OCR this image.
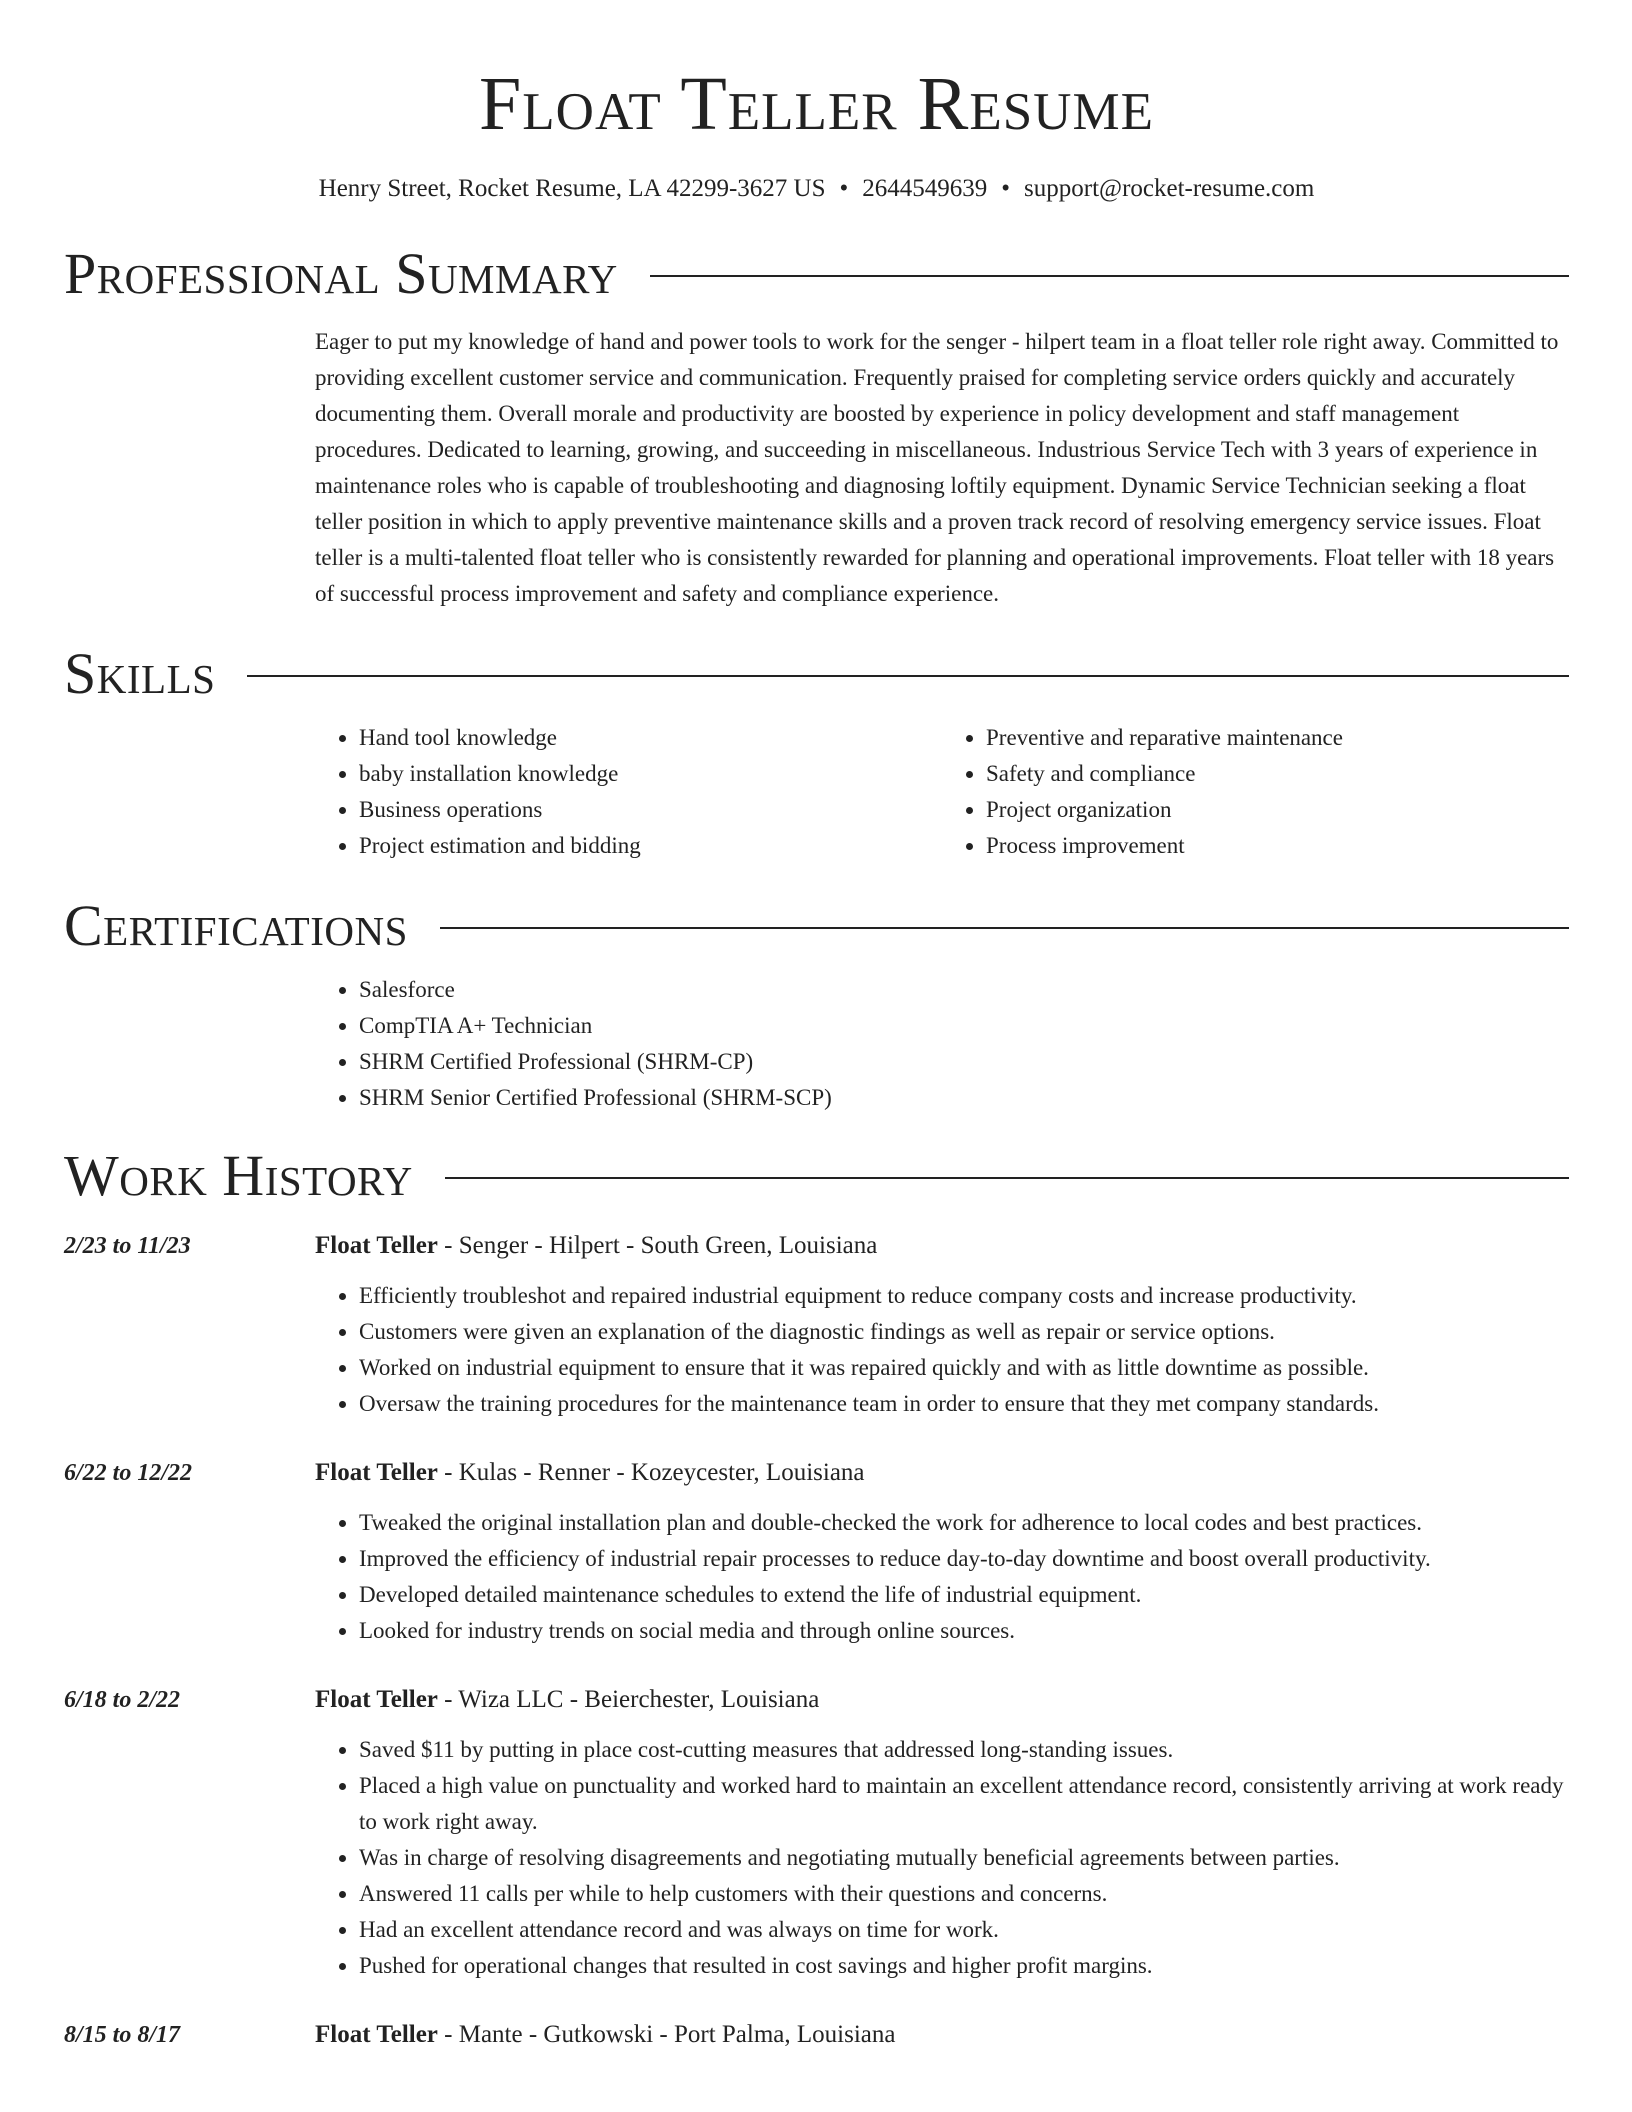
Float Teller Resume
Henry Street, Rocket Resume, LA 42299-3627 US • 2644549639 • support@rocket-resume.com
Professional Summary
Eager to put my knowledge of hand and power tools to work for the senger - hilpert team in a float teller role right away. Committed to providing excellent customer service and communication. Frequently praised for completing service orders quickly and accurately documenting them. Overall morale and productivity are boosted by experience in policy development and staff management procedures. Dedicated to learning, growing, and succeeding in miscellaneous. Industrious Service Tech with 3 years of experience in maintenance roles who is capable of troubleshooting and diagnosing loftily equipment. Dynamic Service Technician seeking a float teller position in which to apply preventive maintenance skills and a proven track record of resolving emergency service issues. Float teller is a multi-talented float teller who is consistently rewarded for planning and operational improvements. Float teller with 18 years of successful process improvement and safety and compliance experience.
Skills
• Hand tool knowledge
• baby installation knowledge
• Business operations
• Project estimation and bidding
• Preventive and reparative maintenance
• Safety and compliance
• Project organization
• Process improvement
Certifications
• Salesforce
• CompTIA A+ Technician
• SHRM Certified Professional (SHRM-CP)
• SHRM Senior Certified Professional (SHRM-SCP)
Work History
2/23 to 11/23	Float Teller - Senger - Hilpert - South Green, Louisiana
• Efficiently troubleshot and repaired industrial equipment to reduce company costs and increase productivity.
• Customers were given an explanation of the diagnostic findings as well as repair or service options.
• Worked on industrial equipment to ensure that it was repaired quickly and with as little downtime as possible.
• Oversaw the training procedures for the maintenance team in order to ensure that they met company standards.
6/22 to 12/22	Float Teller - Kulas - Renner - Kozeycester, Louisiana
• Tweaked the original installation plan and double-checked the work for adherence to local codes and best practices.
• Improved the efficiency of industrial repair processes to reduce day-to-day downtime and boost overall productivity.
• Developed detailed maintenance schedules to extend the life of industrial equipment.
• Looked for industry trends on social media and through online sources.
6/18 to 2/22	Float Teller - Wiza LLC - Beierchester, Louisiana
• Saved $11 by putting in place cost-cutting measures that addressed long-standing issues.
• Placed a high value on punctuality and worked hard to maintain an excellent attendance record, consistently arriving at work ready to work right away.
• Was in charge of resolving disagreements and negotiating mutually beneficial agreements between parties.
• Answered 11 calls per while to help customers with their questions and concerns.
• Had an excellent attendance record and was always on time for work.
• Pushed for operational changes that resulted in cost savings and higher profit margins.
8/15 to 8/17	Float Teller - Mante - Gutkowski - Port Palma, Louisiana
